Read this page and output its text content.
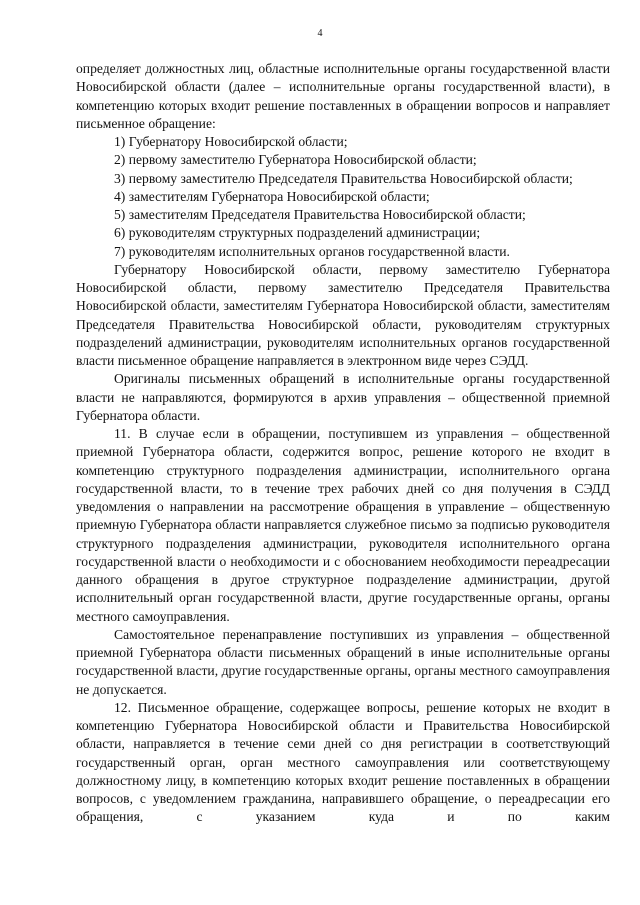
4

определяет должностных лиц, областные исполнительные органы государственной власти Новосибирской области (далее – исполнительные органы государственной власти), в компетенцию которых входит решение поставленных в обращении вопросов и направляет письменное обращение:

1) Губернатору Новосибирской области;

2) первому заместителю Губернатора Новосибирской области;

3) первому заместителю Председателя Правительства Новосибирской области;

4) заместителям Губернатора Новосибирской области;

5) заместителям Председателя Правительства Новосибирской области;

6) руководителям структурных подразделений администрации;

7) руководителям исполнительных органов государственной власти.

Губернатору Новосибирской области, первому заместителю Губернатора Новосибирской области, первому заместителю Председателя Правительства Новосибирской области, заместителям Губернатора Новосибирской области, заместителям Председателя Правительства Новосибирской области, руководителям структурных подразделений администрации, руководителям исполнительных органов государственной власти письменное обращение направляется в электронном виде через СЭДД.

Оригиналы письменных обращений в исполнительные органы государственной власти не направляются, формируются в архив управления – общественной приемной Губернатора области.

11. В случае если в обращении, поступившем из управления – общественной приемной Губернатора области, содержится вопрос, решение которого не входит в компетенцию структурного подразделения администрации, исполнительного органа государственной власти, то в течение трех рабочих дней со дня получения в СЭДД уведомления о направлении на рассмотрение обращения в управление – общественную приемную Губернатора области направляется служебное письмо за подписью руководителя структурного подразделения администрации, руководителя исполнительного органа государственной власти о необходимости и с обоснованием необходимости переадресации данного обращения в другое структурное подразделение администрации, другой исполнительный орган государственной власти, другие государственные органы, органы местного самоуправления.

Самостоятельное перенаправление поступивших из управления – общественной приемной Губернатора области письменных обращений в иные исполнительные органы государственной власти, другие государственные органы, органы местного самоуправления не допускается.

12. Письменное обращение, содержащее вопросы, решение которых не входит в компетенцию Губернатора Новосибирской области и Правительства Новосибирской области, направляется в течение семи дней со дня регистрации в соответствующий государственный орган, орган местного самоуправления или соответствующему должностному лицу, в компетенцию которых входит решение поставленных в обращении вопросов, с уведомлением гражданина, направившего обращение, о переадресации его обращения, с указанием куда и по каким
